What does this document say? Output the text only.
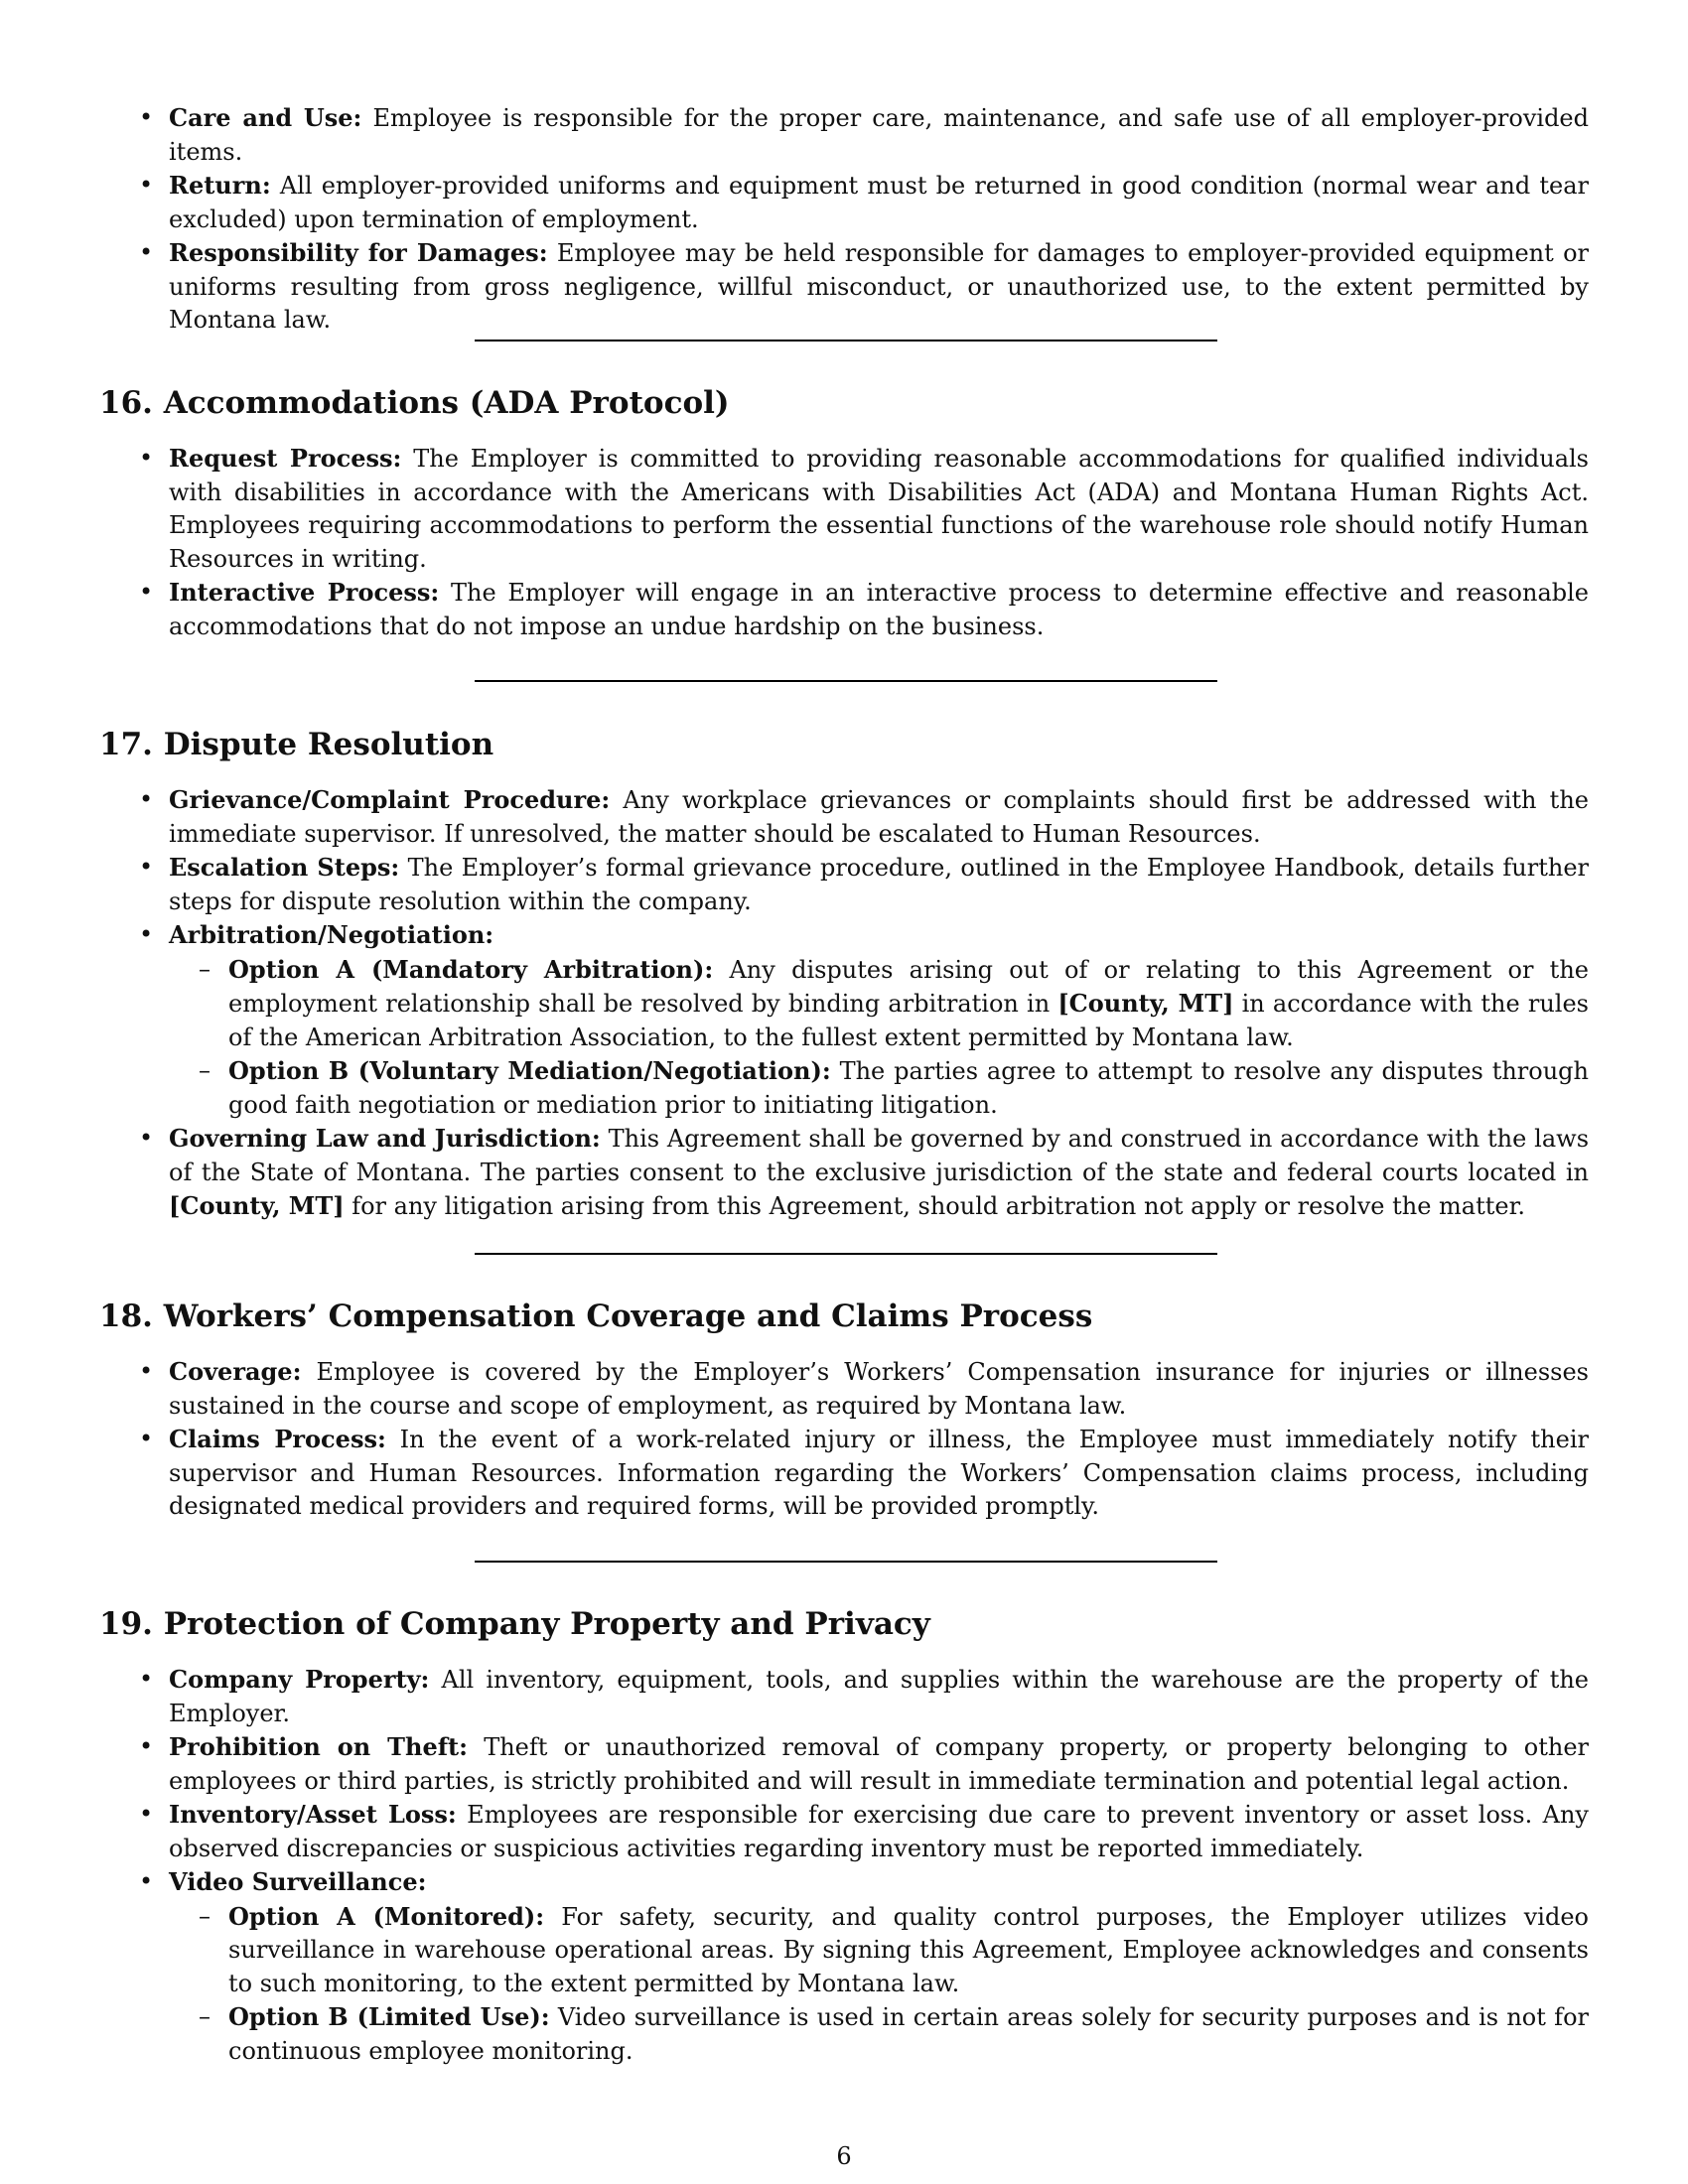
• Care and Use: Employee is responsible for the proper care, maintenance, and safe use of all employer-provided items.
• Return: All employer-provided uniforms and equipment must be returned in good condition (normal wear and tear excluded) upon termination of employment.
• Responsibility for Damages: Employee may be held responsible for damages to employer-provided equipment or uniforms resulting from gross negligence, willful misconduct, or unauthorized use, to the extent permitted by Montana law.
16. Accommodations (ADA Protocol)
• Request Process: The Employer is committed to providing reasonable accommodations for qualified individuals with disabilities in accordance with the Americans with Disabilities Act (ADA) and Montana Human Rights Act. Employees requiring accommodations to perform the essential functions of the warehouse role should notify Human Resources in writing.
• Interactive Process: The Employer will engage in an interactive process to determine effective and reasonable accommodations that do not impose an undue hardship on the business.
17. Dispute Resolution
• Grievance/Complaint Procedure: Any workplace grievances or complaints should first be addressed with the immediate supervisor. If unresolved, the matter should be escalated to Human Resources.
• Escalation Steps: The Employer’s formal grievance procedure, outlined in the Employee Handbook, details further steps for dispute resolution within the company.
• Arbitration/Negotiation:
– Option A (Mandatory Arbitration): Any disputes arising out of or relating to this Agreement or the employment relationship shall be resolved by binding arbitration in [County, MT] in accordance with the rules of the American Arbitration Association, to the fullest extent permitted by Montana law.
– Option B (Voluntary Mediation/Negotiation): The parties agree to attempt to resolve any disputes through good faith negotiation or mediation prior to initiating litigation.
• Governing Law and Jurisdiction: This Agreement shall be governed by and construed in accordance with the laws of the State of Montana. The parties consent to the exclusive jurisdiction of the state and federal courts located in [County, MT] for any litigation arising from this Agreement, should arbitration not apply or resolve the matter.
18. Workers’ Compensation Coverage and Claims Process
• Coverage: Employee is covered by the Employer’s Workers’ Compensation insurance for injuries or illnesses sustained in the course and scope of employment, as required by Montana law.
• Claims Process: In the event of a work-related injury or illness, the Employee must immediately notify their supervisor and Human Resources. Information regarding the Workers’ Compensation claims process, including designated medical providers and required forms, will be provided promptly.
19. Protection of Company Property and Privacy
• Company Property: All inventory, equipment, tools, and supplies within the warehouse are the property of the Employer.
• Prohibition on Theft: Theft or unauthorized removal of company property, or property belonging to other employees or third parties, is strictly prohibited and will result in immediate termination and potential legal action.
• Inventory/Asset Loss: Employees are responsible for exercising due care to prevent inventory or asset loss. Any observed discrepancies or suspicious activities regarding inventory must be reported immediately.
• Video Surveillance:
– Option A (Monitored): For safety, security, and quality control purposes, the Employer utilizes video surveillance in warehouse operational areas. By signing this Agreement, Employee acknowledges and consents to such monitoring, to the extent permitted by Montana law.
– Option B (Limited Use): Video surveillance is used in certain areas solely for security purposes and is not for continuous employee monitoring.
6
